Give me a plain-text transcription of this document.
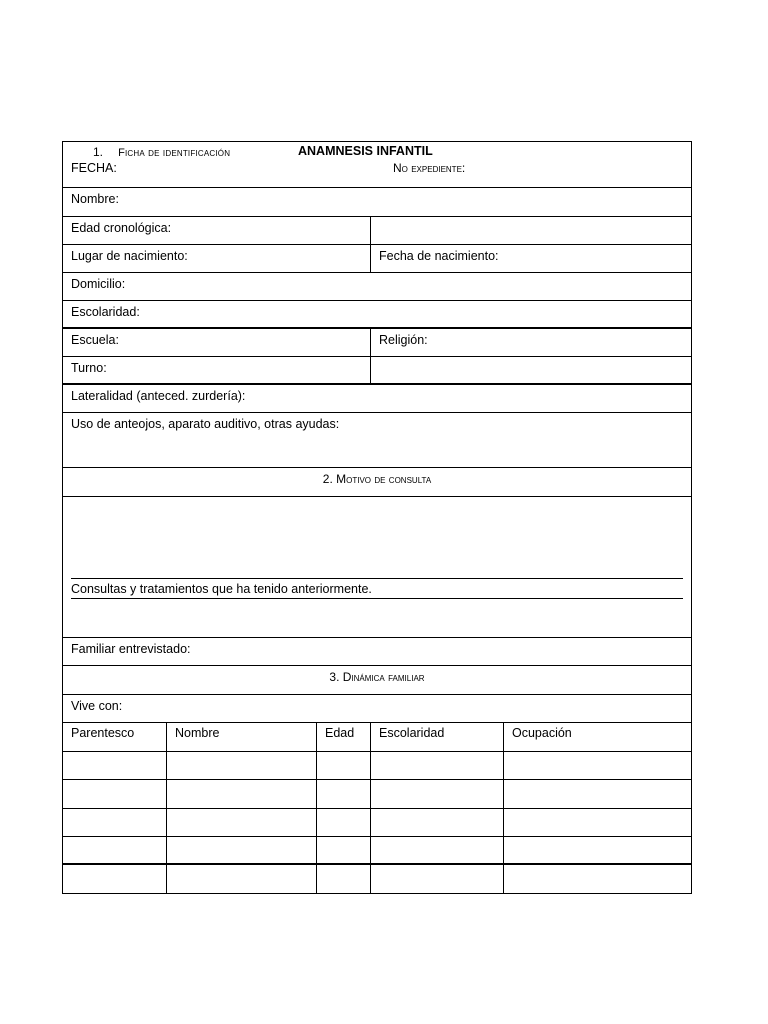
1. Ficha de identificación	ANAMNESIS INFANTIL
FECHA:	No expediente:
Nombre:
Edad cronológica:
Lugar de nacimiento:	Fecha de nacimiento:
Domicilio:
Escolaridad:
Escuela:	Religión:
Turno:
Lateralidad (anteced. zurdería):
Uso de anteojos, aparato auditivo, otras ayudas:
2. Motivo de consulta
Consultas y tratamientos que ha tenido anteriormente.
Familiar entrevistado:
3. Dinámica familiar
Vive con:
Parentesco	Nombre	Edad	Escolaridad	Ocupación
